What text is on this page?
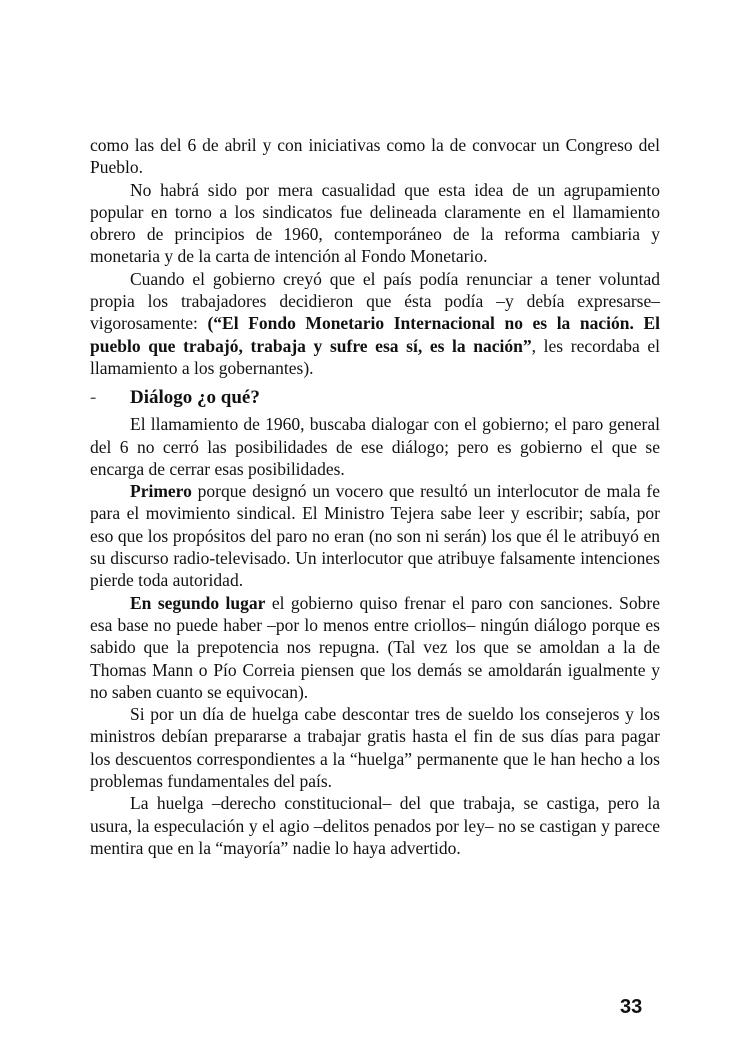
como las del 6 de abril y con iniciativas como la de convocar un Congreso del Pueblo.

No habrá sido por mera casualidad que esta idea de un agrupamiento popular en torno a los sindicatos fue delineada claramente en el llamamiento obrero de principios de 1960, contemporáneo de la reforma cambiaria y monetaria y de la carta de intención al Fondo Monetario.

Cuando el gobierno creyó que el país podía renunciar a tener voluntad propia los trabajadores decidieron que ésta podía –y debía expresarse– vigorosamente: (“El Fondo Monetario Internacional no es la nación. El pueblo que trabajó, trabaja y sufre esa sí, es la nación”, les recordaba el llamamiento a los gobernantes).

-	Diálogo ¿o qué?

El llamamiento de 1960, buscaba dialogar con el gobierno; el paro general del 6 no cerró las posibilidades de ese diálogo; pero es gobierno el que se encarga de cerrar esas posibilidades.

Primero porque designó un vocero que resultó un interlocutor de mala fe para el movimiento sindical. El Ministro Tejera sabe leer y escribir; sabía, por eso que los propósitos del paro no eran (no son ni serán) los que él le atribuyó en su discurso radio-televisado. Un interlocutor que atribuye falsamente intenciones pierde toda autoridad.

En segundo lugar el gobierno quiso frenar el paro con sanciones. Sobre esa base no puede haber –por lo menos entre criollos– ningún diálogo porque es sabido que la prepotencia nos repugna. (Tal vez los que se amoldan a la de Thomas Mann o Pío Correia piensen que los demás se amoldarán igualmente y no saben cuanto se equivocan).

Si por un día de huelga cabe descontar tres de sueldo los consejeros y los ministros debían prepararse a trabajar gratis hasta el fin de sus días para pagar los descuentos correspondientes a la “huelga” permanente que le han hecho a los problemas fundamentales del país.

La huelga –derecho constitucional– del que trabaja, se castiga, pero la usura, la especulación y el agio –delitos penados por ley– no se castigan y parece mentira que en la “mayoría” nadie lo haya advertido.

33
